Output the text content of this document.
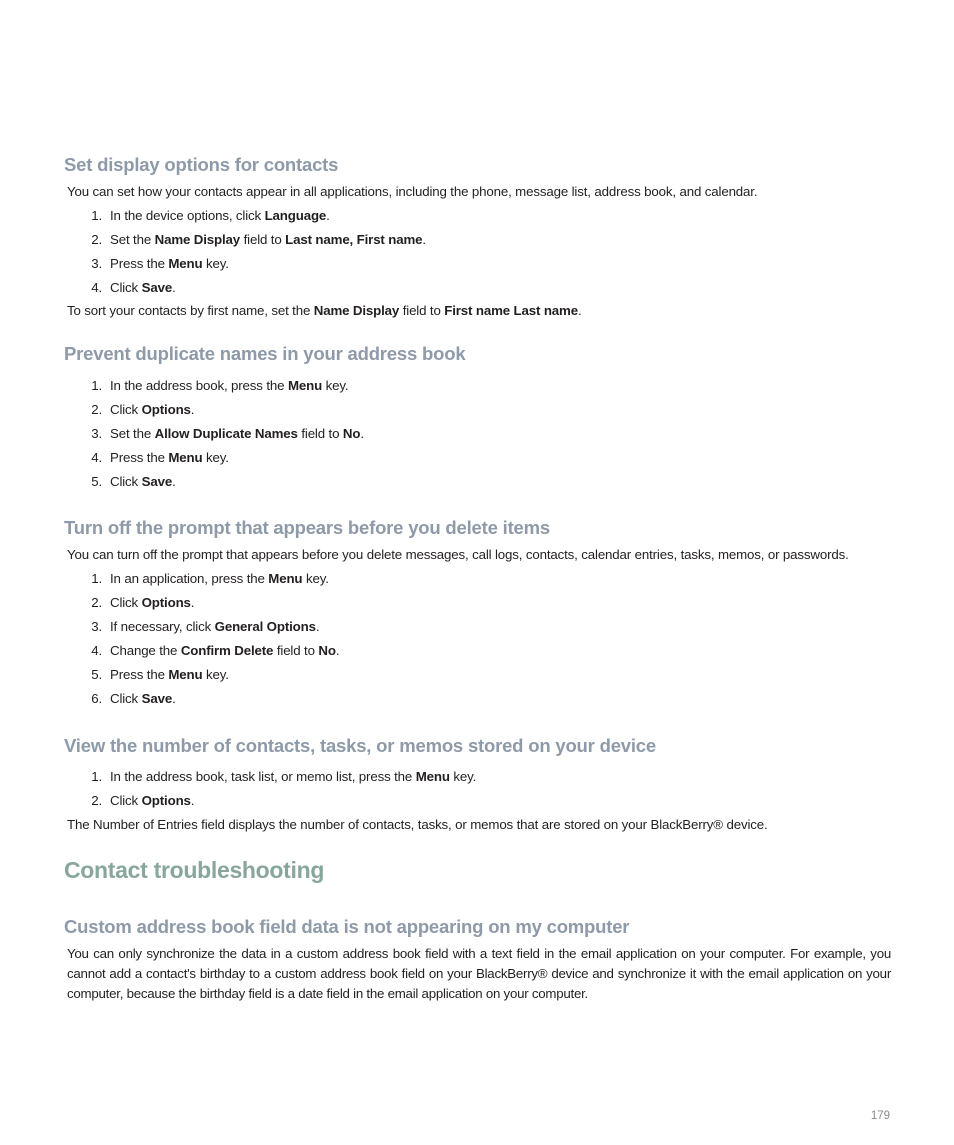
Set display options for contacts

You can set how your contacts appear in all applications, including the phone, message list, address book, and calendar.

1. In the device options, click Language.
2. Set the Name Display field to Last name, First name.
3. Press the Menu key.
4. Click Save.

To sort your contacts by first name, set the Name Display field to First name Last name.

Prevent duplicate names in your address book
1. In the address book, press the Menu key.
2. Click Options.
3. Set the Allow Duplicate Names field to No.
4. Press the Menu key.
5. Click Save.
Turn off the prompt that appears before you delete items

You can turn off the prompt that appears before you delete messages, call logs, contacts, calendar entries, tasks, memos, or passwords.

1. In an application, press the Menu key.
2. Click Options.
3. If necessary, click General Options.
4. Change the Confirm Delete field to No.
5. Press the Menu key.
6. Click Save.
View the number of contacts, tasks, or memos stored on your device
1. In the address book, task list, or memo list, press the Menu key.
2. Click Options.

The Number of Entries field displays the number of contacts, tasks, or memos that are stored on your BlackBerry® device.

Contact troubleshooting
Custom address book field data is not appearing on my computer

You can only synchronize the data in a custom address book field with a text field in the email application on your computer. For example, you cannot add a contact's birthday to a custom address book field on your BlackBerry® device and synchronize it with the email application on your computer, because the birthday field is a date field in the email application on your computer.

179
